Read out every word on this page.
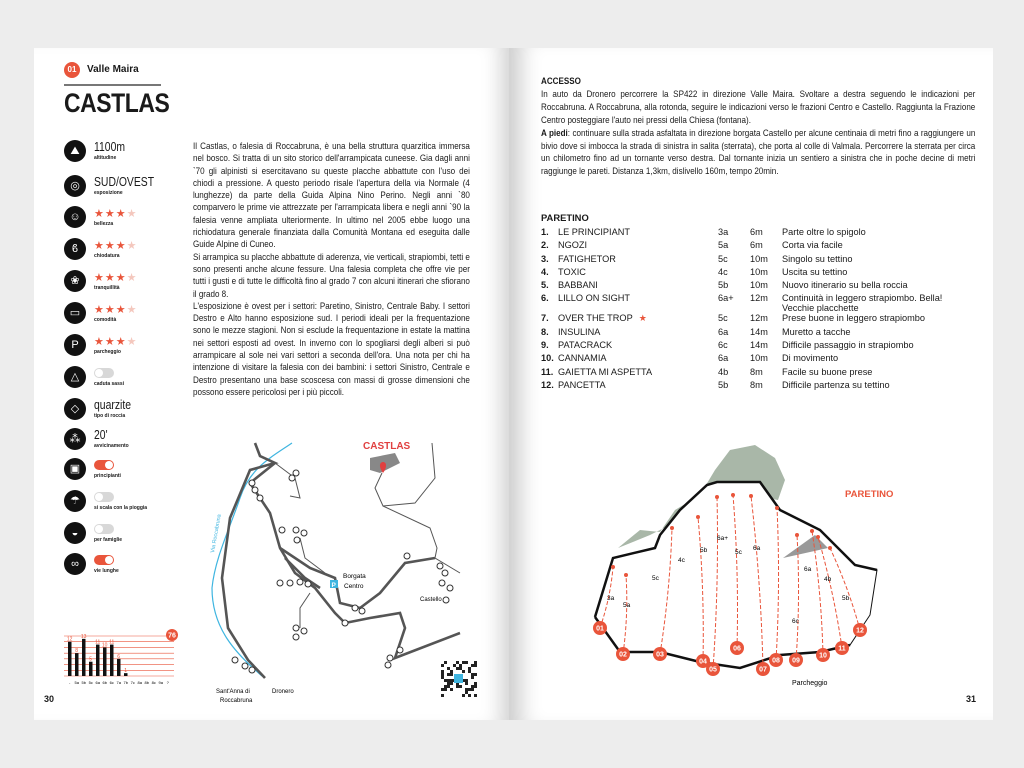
01	Valle Maira
CASTLAS
⛰	1100m
altitudine
◎	SUD/OVEST
esposizione
☺	★★★★
bellezza
ϐ	★★★★
chiodatura
❀	★★★★
tranquillità
▭	★★★★
comodità
P	★★★★
parcheggio
△
caduta sassi
◇	quarzite
tipo di roccia
⁂	20'
avvicinamento
▣
principianti
☂
si scala con la pioggia
◒
per famiglie
∞
vie lunghe

Il Castlas, o falesia di Roccabruna, è una bella struttura quarzitica immersa nel bosco. Si tratta di un sito storico dell'arrampicata cuneese. Gia dagli anni `70 gli alpinisti si esercitavano su queste placche abbattute con l'uso dei chiodi a pressione. A questo periodo risale l'apertura della via Normale (4 lunghezze) da parte della Guida Alpina Nino Perino. Negli anni `80 comparvero le prime vie attrezzate per l'arrampicata libera e negli anni `90 la falesia venne ampliata ulteriormente. In ultimo nel 2005 ebbe luogo una richiodatura generale finanziata dalla Comunità Montana ed eseguita dalle Guide Alpine di Cuneo.

Si arrampica su placche abbattute di aderenza, vie verticali, strapiombi, tetti e sono presenti anche alcune fessure. Una falesia completa che offre vie per tutti i gusti e di tutte le difficoltà fino al grado 7 con alcuni itinerari che sfiorano il grado 8.

L'esposizione è ovest per i settori: Paretino, Sinistro, Centrale Baby. I settori Destro e Alto hanno esposizione sud. I periodi ideali per la frequentazione sono le mezze stagioni. Non si esclude la frequentazione in estate la mattina nei settori esposti ad ovest. In inverno con lo spogliarsi degli alberi si può arrampicare al sole nei vari settori a seconda dell'ora. Una nota per chi ha intenzione di visitare la falesia con dei bambini: i settori Sinistro, Centrale e Destro presentano una base scoscesa con massi di grosse dimensioni che possono essere pericolosi per i più piccoli.

CASTLAS
Via Roccabruna
P
Borgata
Centro
Castello
Sant'Anna di
Roccabruna
Dronero
12
-
8
5a
13
5b
5
5c
11
6a
10
6b
11
6c
6
7a
1
7b 7c 8a 8b 8c 9a ?
76
30
ACCESSO
In auto da Dronero percorrere la SP422 in direzione Valle Maira. Svoltare a destra seguendo le indicazioni per Roccabruna. A Roccabruna, alla rotonda, seguire le indicazioni verso le frazioni Centro e Castello. Raggiunta la Frazione Centro posteggiare l'auto nei pressi della Chiesa (fontana).
A piedi: continuare sulla strada asfaltata in direzione borgata Castello per alcune centinaia di metri fino a raggiungere un bivio dove si imbocca la strada di sinistra in salita (sterrata), che porta al colle di Valmala. Percorrere la sterrata per circa un chilometro fino ad un tornante verso destra. Dal tornante inizia un sentiero a sinistra che in poche decine di metri raggiunge le pareti. Distanza 1,3km, dislivello 160m, tempo 20min.
PARETINO
1.	LE PRINCIPIANT	3a	6m	Parte oltre lo spigolo
2.	NGOZI	5a	6m	Corta via facile
3.	FATIGHETOR	5c	10m	Singolo su tettino
4.	TOXIC	4c	10m	Uscita su tettino
5.	BABBANI	5b	10m	Nuovo itinerario su bella roccia
6.	LILLO ON SIGHT	6a+	12m	Continuità in leggero strapiombo. Bella!
Vecchie placchette

7.	OVER THE TROP ★	5c	12m	Prese buone in leggero strapiombo
8.	INSULINA	6a	14m	Muretto a tacche
9.	PATACRACK	6c	14m	Difficile passaggio in strapiombo
10.	CANNAMIA	6a	10m	Di movimento
11.	GAIETTA MI ASPETTA	4b	8m	Facile su buone prese
12.	PANCETTA	5b	8m	Difficile partenza su tettino
PARETINO
Parcheggio
01
3a
02
5a
03
5c
04
4c
05
5b
06
6a+
07
5c
08
6a
09
6c
10
6a
11
4b
12
5b
31
